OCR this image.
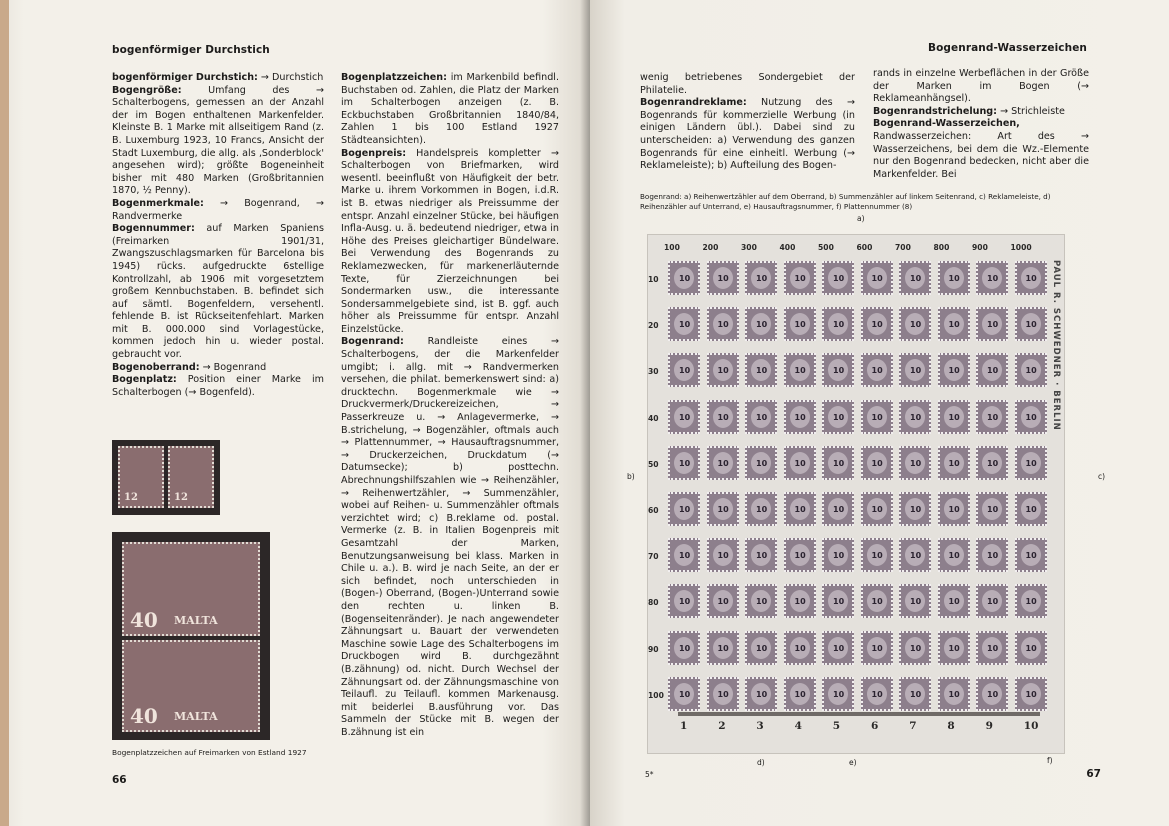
bogenförmiger Durchstich

bogenförmiger Durchstich: → Durchstich

Bogengröße: Umfang des → Schalterbogens, gemessen an der Anzahl der im Bogen enthaltenen Markenfelder. Kleinste B. 1 Marke mit allseitigem Rand (z. B. Luxemburg 1923, 10 Francs, Ansicht der Stadt Luxemburg, die allg. als ‚Sonderblock' angesehen wird); größte Bogeneinheit bisher mit 480 Marken (Großbritannien 1870, ½ Penny).

Bogenmerkmale: → Bogenrand, → Randvermerke

Bogennummer: auf Marken Spaniens (Freimarken 1901/31, Zwangszuschlagsmarken für Barcelona bis 1945) rücks. aufgedruckte 6stellige Kontrollzahl, ab 1906 mit vorgesetztem großem Kennbuchstaben. B. befindet sich auf sämtl. Bogenfeldern, versehentl. fehlende B. ist Rückseitenfehlart. Marken mit B. 000.000 sind Vorlagestücke, kommen jedoch hin u. wieder postal. gebraucht vor.

Bogenoberrand: → Bogenrand

Bogenplatz: Position einer Marke im Schalterbogen (→ Bogenfeld).

Bogenplatzzeichen: im Markenbild befindl. Buchstaben od. Zahlen, die Platz der Marken im Schalterbogen anzeigen (z. B. Eckbuchstaben Großbritannien 1840/84, Zahlen 1 bis 100 Estland 1927 Städteansichten).

Bogenpreis: Handelspreis kompletter → Schalterbogen von Briefmarken, wird wesentl. beeinflußt von Häufigkeit der betr. Marke u. ihrem Vorkommen in Bogen, i.d.R. ist B. etwas niedriger als Preissumme der entspr. Anzahl einzelner Stücke, bei häufigen Infla-Ausg. u. ä. bedeutend niedriger, etwa in Höhe des Preises gleichartiger Bündelware. Bei Verwendung des Bogenrands zu Reklamezwecken, für markenerläuternde Texte, für Zierzeichnungen bei Sondermarken usw., die interessante Sondersammelgebiete sind, ist B. ggf. auch höher als Preissumme für entspr. Anzahl Einzelstücke.

Bogenrand: Randleiste eines → Schalterbogens, der die Markenfelder umgibt; i. allg. mit → Randvermerken versehen, die philat. bemerkenswert sind: a) drucktechn. Bogenmerkmale wie → Druckvermerk/Druckereizeichen, → Passerkreuze u. → Anlagevermerke, → B.strichelung, → Bogenzähler, oftmals auch → Plattennummer, → Hausauftragsnummer, → Druckerzeichen, Druckdatum (→ Datumsecke); b) posttechn. Abrechnungshilfszahlen wie → Reihenzähler, → Reihenwertzähler, → Summenzähler, wobei auf Reihen- u. Summenzähler oftmals verzichtet wird; c) B.reklame od. postal. Vermerke (z. B. in Italien Bogenpreis mit Gesamtzahl der Marken, Benutzungsanweisung bei klass. Marken in Chile u. a.). B. wird je nach Seite, an der er sich befindet, noch unterschieden in (Bogen-) Oberrand, (Bogen-)Unterrand sowie den rechten u. linken B. (Bogenseitenränder). Je nach angewendeter Zähnungsart u. Bauart der verwendeten Maschine sowie Lage des Schalterbogens im Druckbogen wird B. durchgezähnt (B.zähnung) od. nicht. Durch Wechsel der Zähnungsart od. der Zähnungsmaschine von Teilaufl. zu Teilaufl. kommen Markenausg. mit beiderlei B.ausführung vor. Das Sammeln der Stücke mit B. wegen der B.zähnung ist ein

12	12
40 MALTA
40 MALTA
Bogenplatzzeichen auf Freimarken von Estland 1927
66
Bogenrand-Wasserzeichen
67

wenig betriebenes Sondergebiet der Philatelie.

Bogenrandreklame: Nutzung des → Bogenrands für kommerzielle Werbung (in einigen Ländern übl.). Dabei sind zu unterscheiden: a) Verwendung des ganzen Bogenrands für eine einheitl. Werbung (→ Reklameleiste); b) Aufteilung des Bogen-

rands in einzelne Werbeflächen in der Größe der Marken im Bogen (→ Reklameanhängsel).

Bogenrandstrichelung: → Strichleiste

Bogenrand-Wasserzeichen, Randwasserzeichen: Art des → Wasserzeichens, bei dem die Wz.-Elemente nur den Bogenrand bedecken, nicht aber die Markenfelder. Bei

Bogenrand: a) Reihenwertzähler auf dem Oberrand, b) Summenzähler auf linkem Seitenrand, c) Reklameleiste, d) Reihenzähler auf Unterrand, e) Hausauftragsnummer, f) Plattennummer (8)
a)
b)	c)
d)	e)	f)
5*
100	200	300	400	500	600	700	800	900	1000
10	10	10	10	10	10	10	10	10	10	10
20	10	10	10	10	10	10	10	10	10	10
30	10	10	10	10	10	10	10	10	10	10
40	10	10	10	10	10	10	10	10	10	10
50	10	10	10	10	10	10	10	10	10	10
60	10	10	10	10	10	10	10	10	10	10
70	10	10	10	10	10	10	10	10	10	10
80	10	10	10	10	10	10	10	10	10	10
90	10	10	10	10	10	10	10	10	10	10
100 10	10	10	10	10	10	10	10	10	10
PAUL R. SCHWEDNER · BERLIN
1	2	3	4	5	6	7	8	9	10
